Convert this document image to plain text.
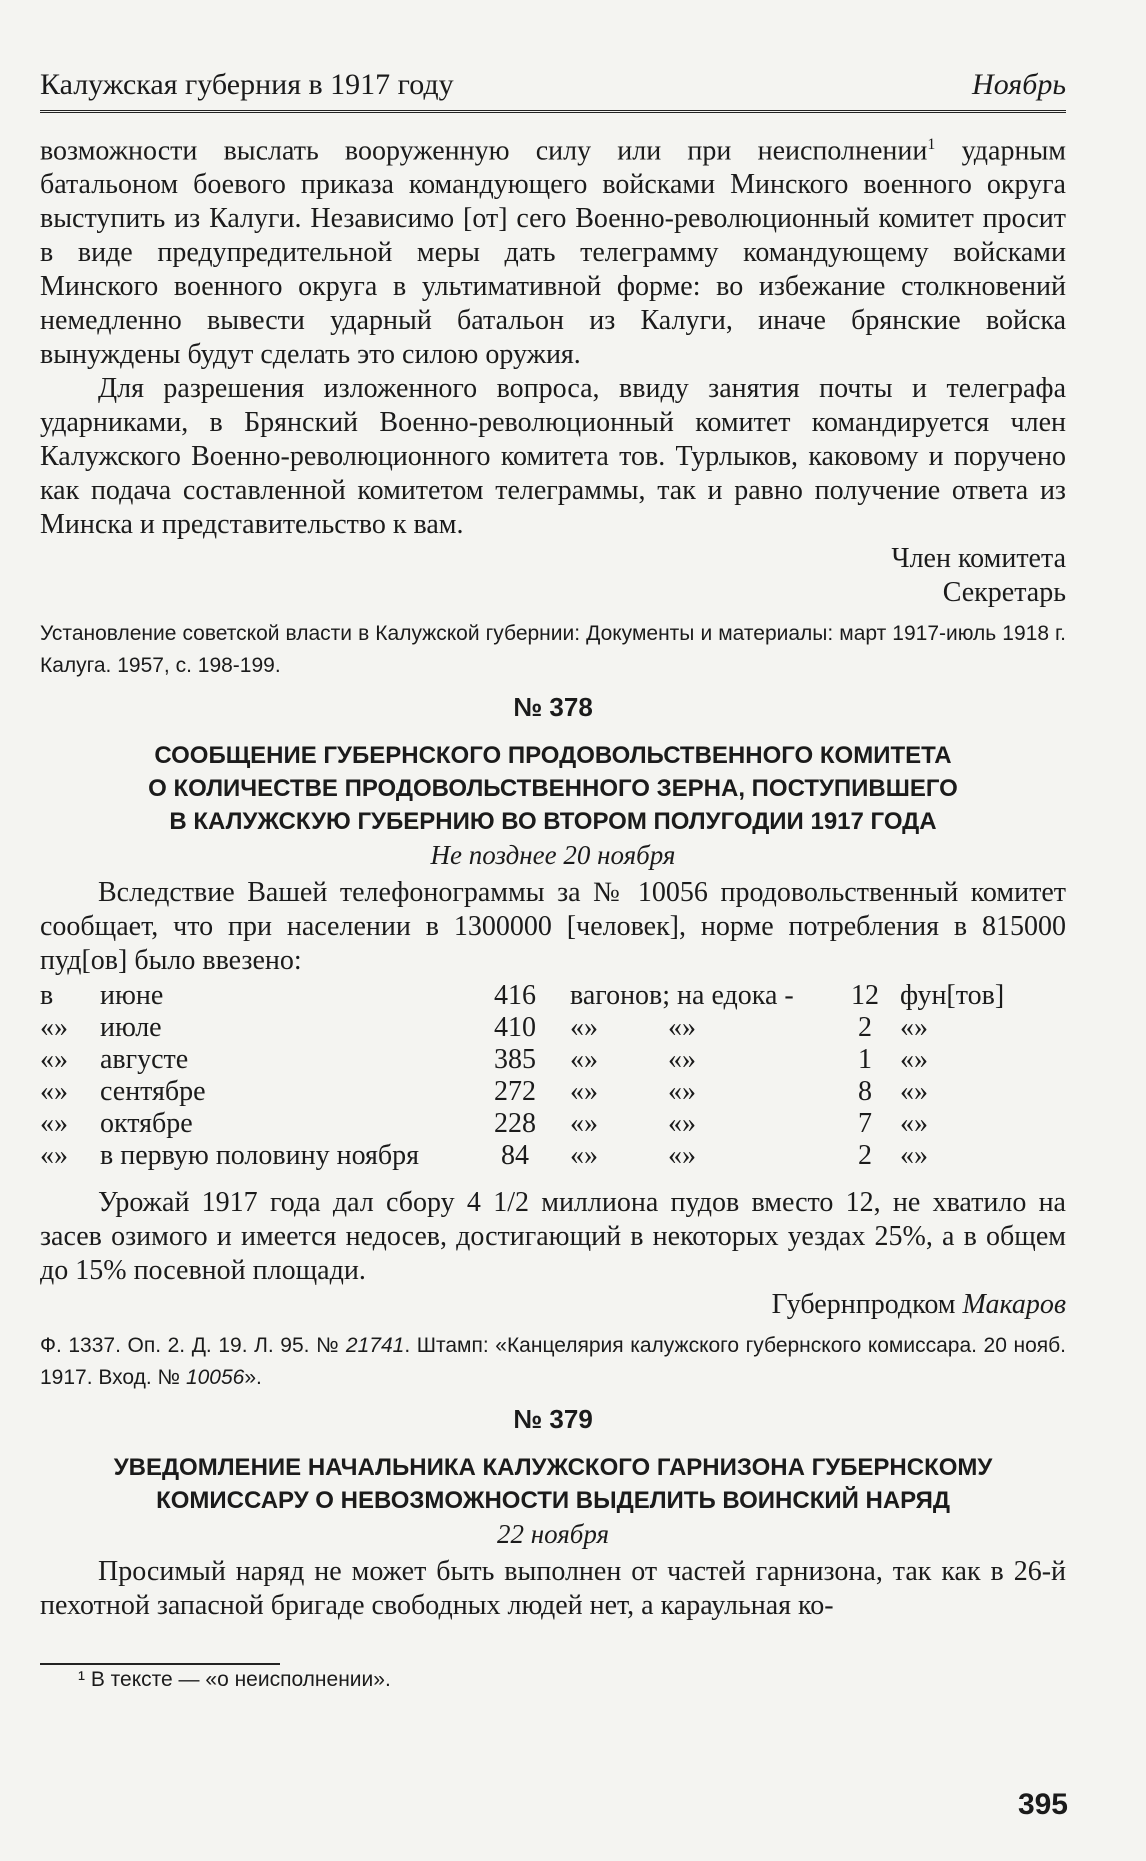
Калужская губерния в 1917 году	Ноябрь

возможности выслать вооруженную силу или при неисполнении$^1$ ударным батальоном боевого приказа командующего войсками Минского военного округа выступить из Калуги. Независимо [от] сего Военно-революционный комитет просит в виде предупредительной меры дать телеграмму командующему войсками Минского военного округа в ультимативной форме: во избежание столкновений немедленно вывести ударный батальон из Калуги, иначе брянские войска вынуждены будут сделать это силою оружия.

Для разрешения изложенного вопроса, ввиду занятия почты и телеграфа ударниками, в Брянский Военно-революционный комитет командируется член Калужского Военно-революционного комитета тов. Турлыков, каковому и поручено как подача составленной комитетом телеграммы, так и равно получение ответа из Минска и представительство к вам.

Член комитета
Секретарь
Установление советской власти в Калужской губернии: Документы и материалы: март 1917-июль 1918 г. Калуга. 1957, с. 198-199.
№ 378
СООБЩЕНИЕ ГУБЕРНСКОГО ПРОДОВОЛЬСТВЕННОГО КОМИТЕТА
О КОЛИЧЕСТВЕ ПРОДОВОЛЬСТВЕННОГО ЗЕРНА, ПОСТУПИВШЕГО
В КАЛУЖСКУЮ ГУБЕРНИЮ ВО ВТОРОМ ПОЛУГОДИИ 1917 ГОДА
Не позднее 20 ноября

Вследствие Вашей телефонограммы за № 10056 продовольственный комитет сообщает, что при населении в 1300000 [человек], норме потребления в 815000 пуд[ов] было ввезено:

в	июне	416	вагонов; на едока -	12	фун[тов]
«»	июле	410	«»          «»	2	«»
«»	августе	385	«»          «»	1	«»
«»	сентябре	272	«»          «»	8	«»
«»	октябре	228	«»          «»	7	«»
«»	в первую половину ноября	84	«»          «»	2	«»

Урожай 1917 года дал сбору 4 1/2 миллиона пудов вместо 12, не хватило на засев озимого и имеется недосев, достигающий в некоторых уездах 25%, а в общем до 15% посевной площади.

Губернпродком Макаров
Ф. 1337. Оп. 2. Д. 19. Л. 95. № 21741. Штамп: «Канцелярия калужского губернского комиссара. 20 нояб. 1917. Вход. № 10056».
№ 379
УВЕДОМЛЕНИЕ НАЧАЛЬНИКА КАЛУЖСКОГО ГАРНИЗОНА ГУБЕРНСКОМУ
КОМИССАРУ О НЕВОЗМОЖНОСТИ ВЫДЕЛИТЬ ВОИНСКИЙ НАРЯД
22 ноября

Просимый наряд не может быть выполнен от частей гарнизона, так как в 26-й пехотной запасной бригаде свободных людей нет, а караульная ко-

¹ В тексте — «о неисполнении».
395
